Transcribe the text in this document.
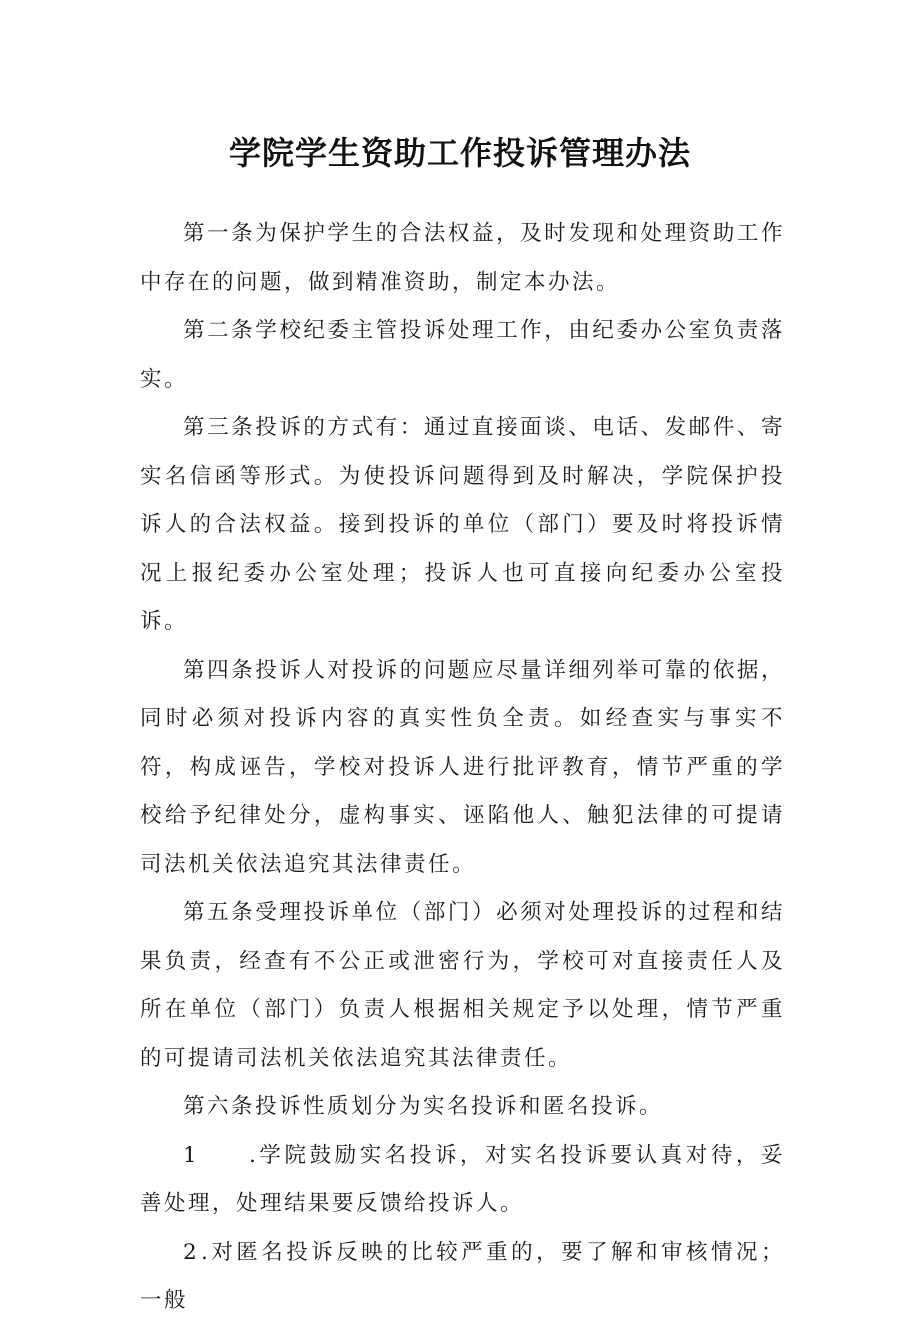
学院学生资助工作投诉管理办法

第一条为保护学生的合法权益，及时发现和处理资助工作中存在的问题，做到精准资助，制定本办法。

第二条学校纪委主管投诉处理工作，由纪委办公室负责落实。

第三条投诉的方式有：通过直接面谈、电话、发邮件、寄实名信函等形式。为使投诉问题得到及时解决，学院保护投诉人的合法权益。接到投诉的单位（部门）要及时将投诉情况上报纪委办公室处理；投诉人也可直接向纪委办公室投诉。

第四条投诉人对投诉的问题应尽量详细列举可靠的依据，同时必须对投诉内容的真实性负全责。如经查实与事实不符，构成诬告，学校对投诉人进行批评教育，情节严重的学校给予纪律处分，虚构事实、诬陷他人、触犯法律的可提请司法机关依法追究其法律责任。

第五条受理投诉单位（部门）必须对处理投诉的过程和结果负责，经查有不公正或泄密行为，学校可对直接责任人及所在单位（部门）负责人根据相关规定予以处理，情节严重的可提请司法机关依法追究其法律责任。

第六条投诉性质划分为实名投诉和匿名投诉。

1 .学院鼓励实名投诉，对实名投诉要认真对待，妥善处理，处理结果要反馈给投诉人。

2.对匿名投诉反映的比较严重的，要了解和审核情况；一般
